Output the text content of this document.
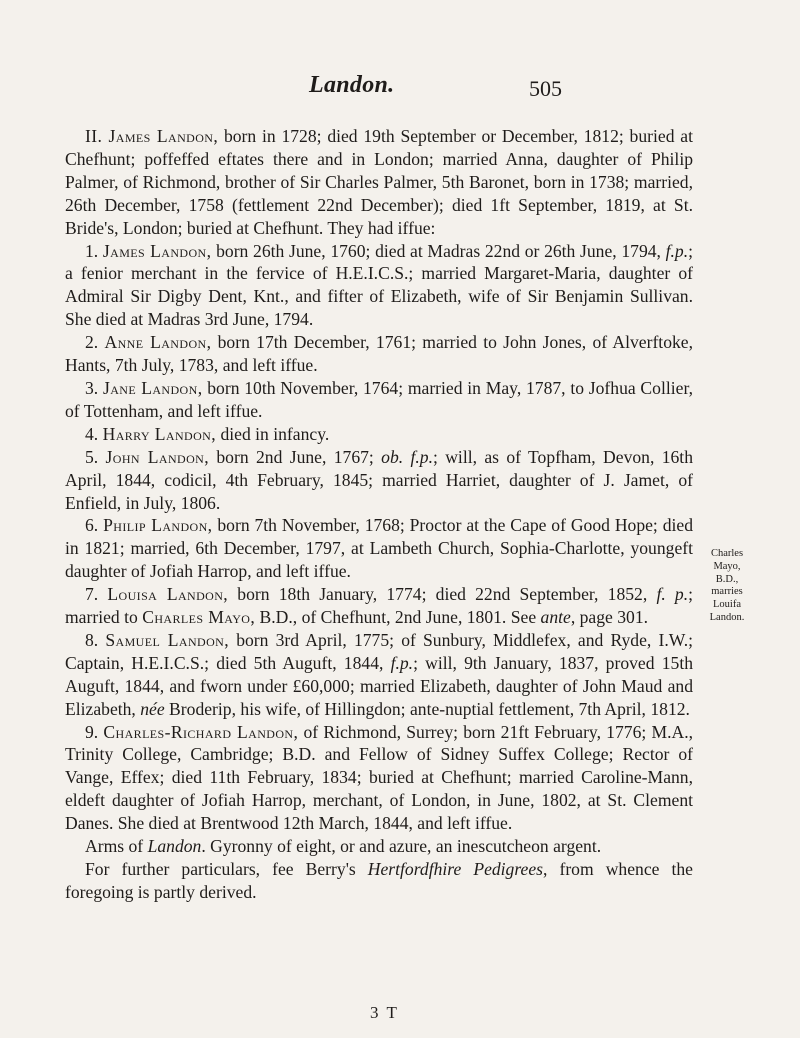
Landon.	505

II. James Landon, born in 1728; died 19th September or December, 1812; buried at Chefhunt; poffeffed eftates there and in London; married Anna, daughter of Philip Palmer, of Richmond, brother of Sir Charles Palmer, 5th Baronet, born in 1738; married, 26th December, 1758 (fettlement 22nd December); died 1ft September, 1819, at St. Bride's, London; buried at Chefhunt. They had iffue:

1. James Landon, born 26th June, 1760; died at Madras 22nd or 26th June, 1794, f.p.; a fenior merchant in the fervice of H.E.I.C.S.; married Margaret-Maria, daughter of Admiral Sir Digby Dent, Knt., and fifter of Elizabeth, wife of Sir Benjamin Sullivan. She died at Madras 3rd June, 1794.

2. Anne Landon, born 17th December, 1761; married to John Jones, of Alverftoke, Hants, 7th July, 1783, and left iffue.

3. Jane Landon, born 10th November, 1764; married in May, 1787, to Jofhua Collier, of Tottenham, and left iffue.

4. Harry Landon, died in infancy.

5. John Landon, born 2nd June, 1767; ob. f.p.; will, as of Topfham, Devon, 16th April, 1844, codicil, 4th February, 1845; married Harriet, daughter of J. Jamet, of Enfield, in July, 1806.

6. Philip Landon, born 7th November, 1768; Proctor at the Cape of Good Hope; died in 1821; married, 6th December, 1797, at Lambeth Church, Sophia-Charlotte, youngeft daughter of Jofiah Harrop, and left iffue.

7. Louisa Landon, born 18th January, 1774; died 22nd September, 1852, f. p.; married to Charles Mayo, B.D., of Chefhunt, 2nd June, 1801. See ante, page 301.

8. Samuel Landon, born 3rd April, 1775; of Sunbury, Middlefex, and Ryde, I.W.; Captain, H.E.I.C.S.; died 5th Auguft, 1844, f.p.; will, 9th January, 1837, proved 15th Auguft, 1844, and fworn under £60,000; married Elizabeth, daughter of John Maud and Elizabeth, née Broderip, his wife, of Hillingdon; ante-nuptial fettlement, 7th April, 1812.

9. Charles-Richard Landon, of Richmond, Surrey; born 21ft February, 1776; M.A., Trinity College, Cambridge; B.D. and Fellow of Sidney Suffex College; Rector of Vange, Effex; died 11th February, 1834; buried at Chefhunt; married Caroline-Mann, eldeft daughter of Jofiah Harrop, merchant, of London, in June, 1802, at St. Clement Danes. She died at Brentwood 12th March, 1844, and left iffue.

Arms of Landon. Gyronny of eight, or and azure, an inescutcheon argent.

For further particulars, fee Berry's Hertfordfhire Pedigrees, from whence the foregoing is partly derived.

Charles
Mayo,
B.D.,
marries
Louifa
Landon.
3 T
